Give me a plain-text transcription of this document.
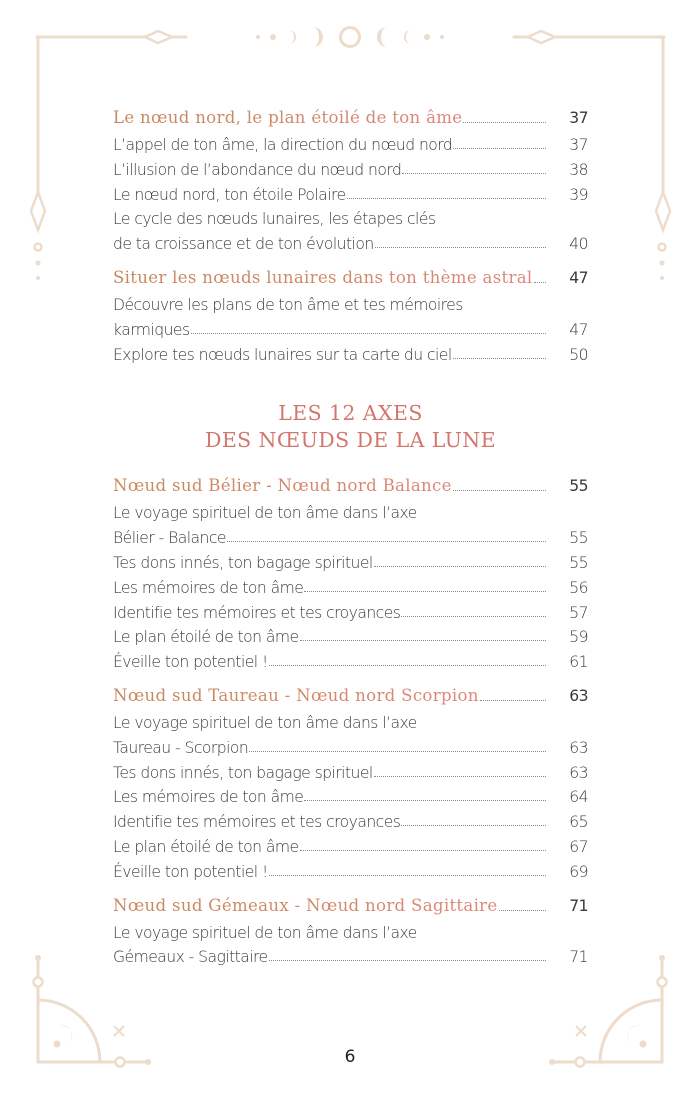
Le nœud nord, le plan étoilé de ton âme	37
L’appel de ton âme, la direction du nœud nord	37
L’illusion de l’abondance du nœud nord	38
Le nœud nord, ton étoile Polaire	39
Le cycle des nœuds lunaires, les étapes clés
de ta croissance et de ton évolution	40
Situer les nœuds lunaires dans ton thème astral	47
Découvre les plans de ton âme et tes mémoires
karmiques	47
Explore tes nœuds lunaires sur ta carte du ciel	50
LES 12 AXES
DES NŒUDS DE LA LUNE
Nœud sud Bélier - Nœud nord Balance	55
Le voyage spirituel de ton âme dans l’axe
Bélier - Balance	55
Tes dons innés, ton bagage spirituel	55
Les mémoires de ton âme	56
Identifie tes mémoires et tes croyances	57
Le plan étoilé de ton âme	59
Éveille ton potentiel !	61
Nœud sud Taureau - Nœud nord Scorpion	63
Le voyage spirituel de ton âme dans l’axe
Taureau - Scorpion	63
Tes dons innés, ton bagage spirituel	63
Les mémoires de ton âme	64
Identifie tes mémoires et tes croyances	65
Le plan étoilé de ton âme	67
Éveille ton potentiel !	69
Nœud sud Gémeaux - Nœud nord Sagittaire	71
Le voyage spirituel de ton âme dans l’axe
Gémeaux - Sagittaire	71
6
